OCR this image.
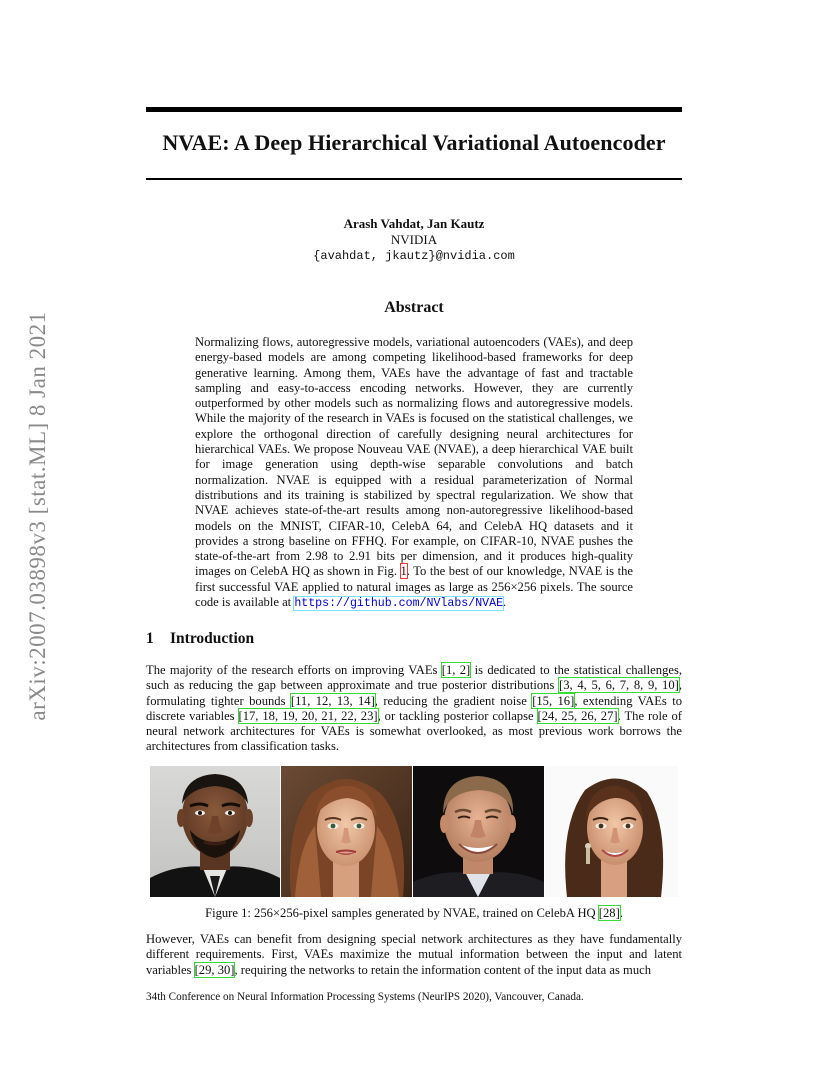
arXiv:2007.03898v3 [stat.ML] 8 Jan 2021
NVAE: A Deep Hierarchical Variational Autoencoder
Arash Vahdat, Jan Kautz
NVIDIA
{avahdat, jkautz}@nvidia.com
Abstract
Normalizing flows, autoregressive models, variational autoencoders (VAEs), and deep energy-based models are among competing likelihood-based frameworks for deep generative learning. Among them, VAEs have the advantage of fast and tractable sampling and easy-to-access encoding networks. However, they are currently outperformed by other models such as normalizing flows and autoregressive models. While the majority of the research in VAEs is focused on the statistical challenges, we explore the orthogonal direction of carefully designing neural architectures for hierarchical VAEs. We propose Nouveau VAE (NVAE), a deep hierarchical VAE built for image generation using depth-wise separable convolutions and batch normalization. NVAE is equipped with a residual parameterization of Normal distributions and its training is stabilized by spectral regularization. We show that NVAE achieves state-of-the-art results among non-autoregressive likelihood-based models on the MNIST, CIFAR-10, CelebA 64, and CelebA HQ datasets and it provides a strong baseline on FFHQ. For example, on CIFAR-10, NVAE pushes the state-of-the-art from 2.98 to 2.91 bits per dimension, and it produces high-quality images on CelebA HQ as shown in Fig. 1. To the best of our knowledge, NVAE is the first successful VAE applied to natural images as large as 256×256 pixels. The source code is available at https://github.com/NVlabs/NVAE.
1 Introduction
The majority of the research efforts on improving VAEs [1, 2] is dedicated to the statistical challenges, such as reducing the gap between approximate and true posterior distributions [3, 4, 5, 6, 7, 8, 9, 10], formulating tighter bounds [11, 12, 13, 14], reducing the gradient noise [15, 16], extending VAEs to discrete variables [17, 18, 19, 20, 21, 22, 23], or tackling posterior collapse [24, 25, 26, 27]. The role of neural network architectures for VAEs is somewhat overlooked, as most previous work borrows the architectures from classification tasks.
Figure 1: 256×256-pixel samples generated by NVAE, trained on CelebA HQ [28].
However, VAEs can benefit from designing special network architectures as they have fundamentally different requirements. First, VAEs maximize the mutual information between the input and latent variables [29, 30], requiring the networks to retain the information content of the input data as much
34th Conference on Neural Information Processing Systems (NeurIPS 2020), Vancouver, Canada.
